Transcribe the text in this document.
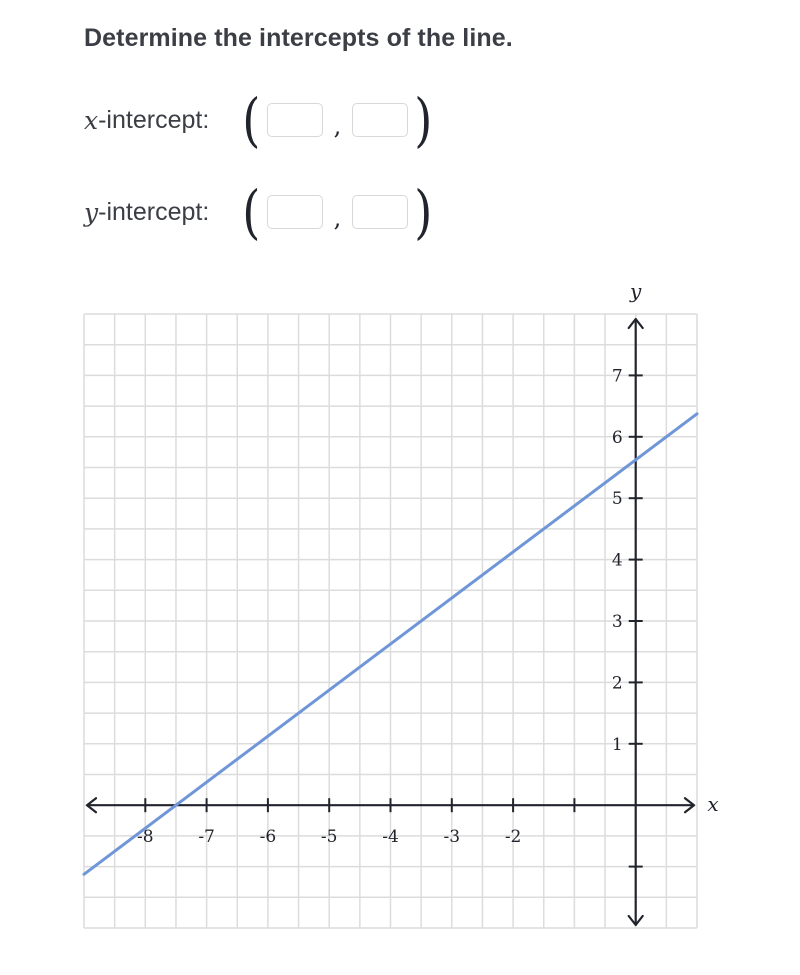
Determine the intercepts of the line.
x -intercept: (	, )
y -intercept: (	, )
x
y
-8	-7	-6	-5	-4	-3	-2
1
2
3
4
5
6
7
